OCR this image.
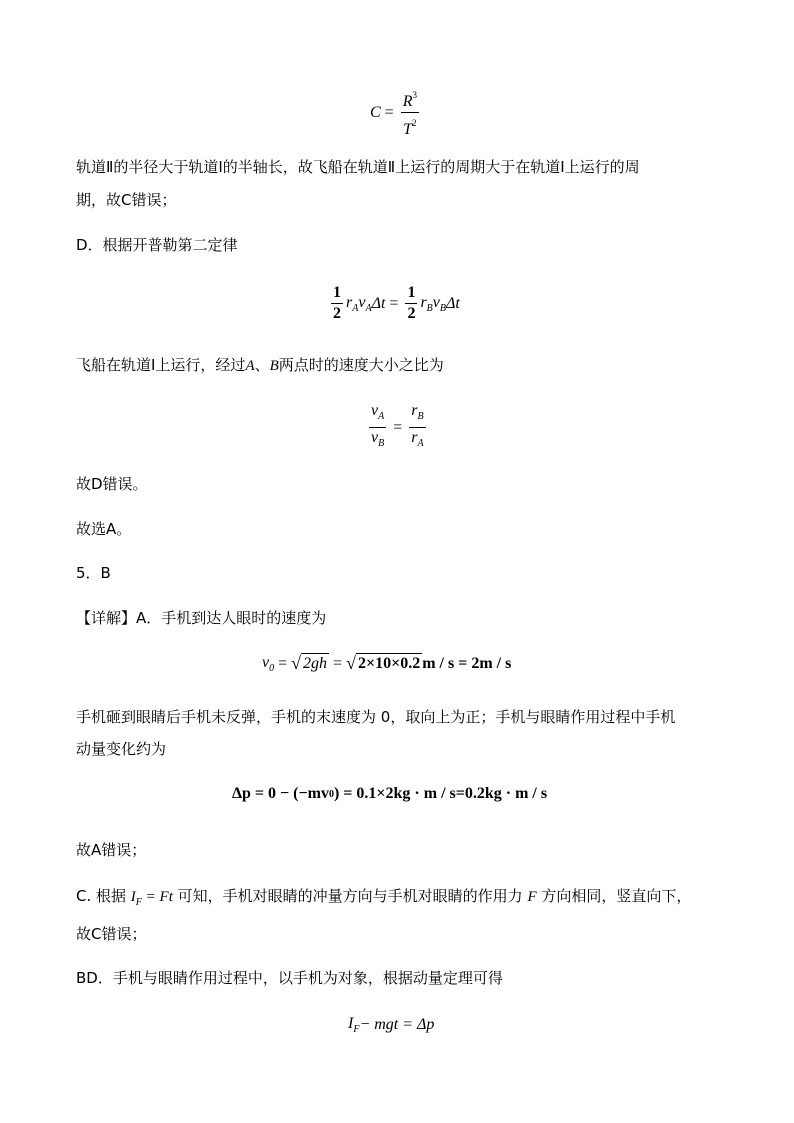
$C = \frac{R^3}{T^2}$
轨道Ⅱ的半径大于轨道Ⅰ的半轴长，故飞船在轨道Ⅱ上运行的周期大于在轨道Ⅰ上运行的周
期，故C错误；
D．根据开普勒第二定律
$\frac{1}{2} r_A$ $v_A$ $\Delta t = \frac{1}{2} r_B$ $v_B$ Δt
飞船在轨道Ⅰ上运行，经过A、B两点时的速度大小之比为
$\frac{v_A}{v_B} = \frac{r_B}{r_A}$
故D错误。
故选A。
5．B
【详解】A．手机到达人眼时的速度为
$v_0$ = √ 2gh = √ 2×10×0.2 m / s = 2m / s
手机砸到眼睛后手机未反弹，手机的末速度为 0，取向上为正；手机与眼睛作用过程中手机
动量变化约为
Δp = 0 − (−mv 0 ) = 0.1×2kg · m / s=0.2kg · m / s
故A错误；
C. 根据 $I_F = Ft$ 可知，手机对眼睛的冲量方向与手机对眼睛的作用力 F 方向相同，竖直向下，
故C错误；
BD．手机与眼睛作用过程中，以手机为对象，根据动量定理可得
$I_F$ − mgt = Δp
